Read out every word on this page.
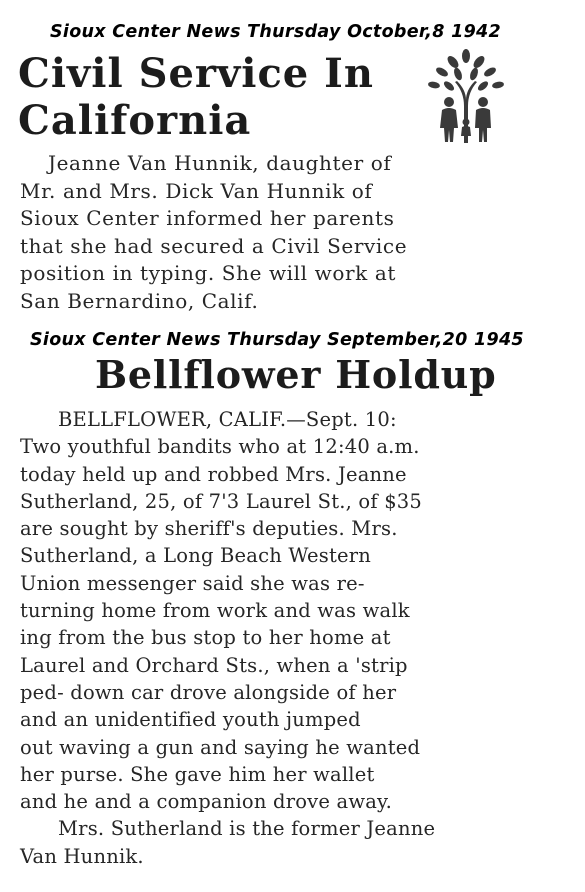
Sioux Center News Thursday October,8 1942
Civil Service In
California
Jeanne Van Hunnik, daughter of
Mr. and Mrs. Dick Van Hunnik of
Sioux Center informed her parents
that she had secured a Civil Service
position in typing. She will work at
San Bernardino, Calif.
Sioux Center News Thursday September,20 1945
Bellflower Holdup
BELLFLOWER, CALIF.—Sept. 10:
Two youthful bandits who at 12:40 a.m.
today held up and robbed Mrs. Jeanne
Sutherland, 25, of 7'3 Laurel St., of $35
are sought by sheriff's deputies. Mrs.
Sutherland, a Long Beach Western
Union messenger said she was re-
turning home from work and was walk
ing from the bus stop to her home at
Laurel and Orchard Sts., when a 'strip
ped- down car drove alongside of her
and an unidentified youth jumped
out waving a gun and saying he wanted
her purse. She gave him her wallet
and he and a companion drove away.
Mrs. Sutherland is the former Jeanne
Van Hunnik.
